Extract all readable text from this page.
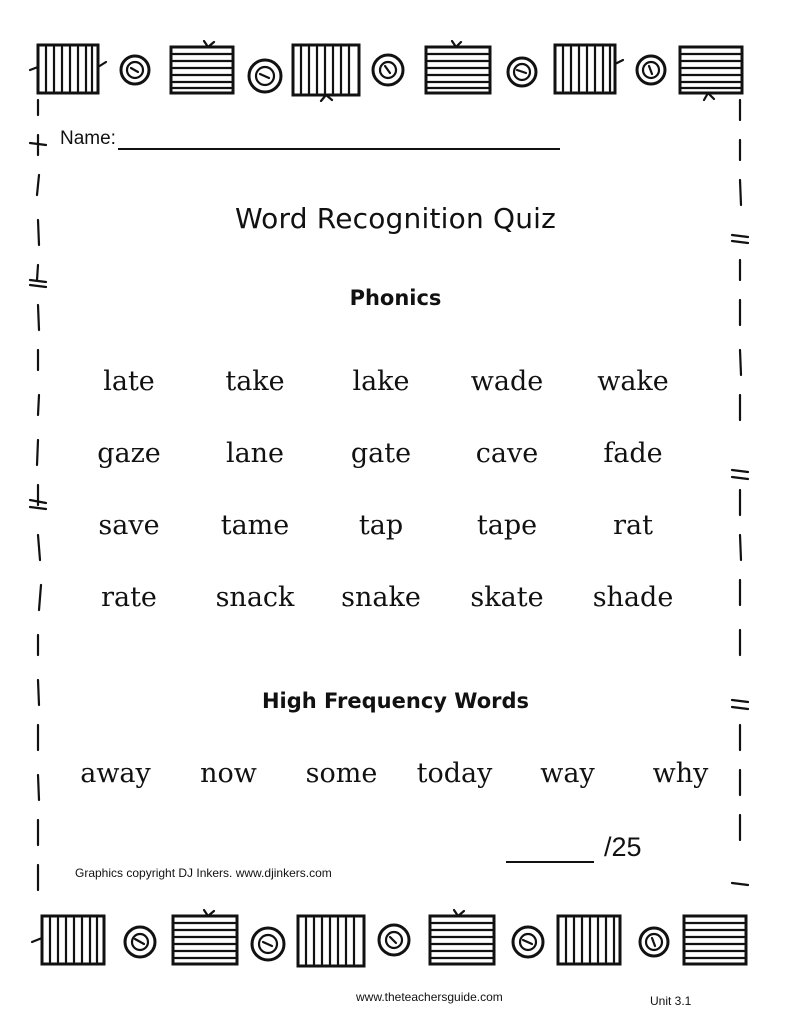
Name:
Word Recognition Quiz
Phonics
late	take	lake	wade	wake
gaze	lane	gate	cave	fade
save	tame	tap	tape	rat
rate	snack	snake	skate	shade
High Frequency Words
away	now	some	today	way	why
/25
Graphics copyright DJ Inkers. www.djinkers.com
www.theteachersguide.com	Unit 3.1
